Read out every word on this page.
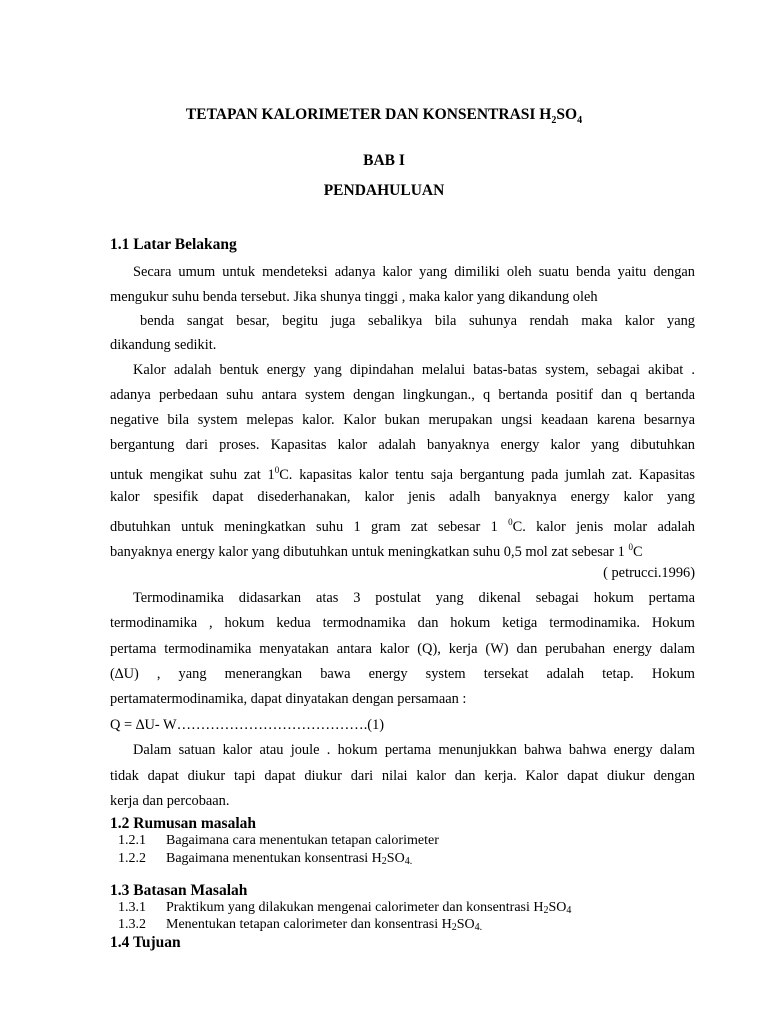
TETAPAN KALORIMETER DAN KONSENTRASI $H_2SO_4$
BAB I
PENDAHULUAN
1.1 Latar Belakang
Secara umum untuk mendeteksi adanya kalor yang dimiliki oleh suatu benda yaitu dengan
mengukur suhu benda tersebut. Jika shunya tinggi , maka kalor yang dikandung oleh
benda sangat besar, begitu juga sebalikya bila suhunya rendah maka kalor yang
dikandung sedikit.
Kalor adalah bentuk energy yang dipindahan melalui batas-batas system, sebagai akibat .
adanya perbedaan suhu antara system dengan lingkungan., q bertanda positif dan q bertanda
negative bila system melepas kalor. Kalor bukan merupakan ungsi keadaan karena besarnya
bergantung dari proses. Kapasitas kalor adalah banyaknya energy kalor yang dibutuhkan
untuk mengikat suhu zat $1^0C$. kapasitas kalor tentu saja bergantung pada jumlah zat. Kapasitas
kalor spesifik dapat disederhanakan, kalor jenis adalh banyaknya energy kalor yang
dbutuhkan untuk meningkatkan suhu 1 gram zat sebesar 1 $^0$C. kalor jenis molar adalah
banyaknya energy kalor yang dibutuhkan untuk meningkatkan suhu 0,5 mol zat sebesar 1 $^0$C
( petrucci.1996)
Termodinamika didasarkan atas 3 postulat yang dikenal sebagai hokum pertama
termodinamika , hokum kedua termodnamika dan hokum ketiga termodinamika. Hokum
pertama termodinamika menyatakan antara kalor (Q), kerja (W) dan perubahan energy dalam
(∆U) , yang menerangkan bawa energy system tersekat adalah tetap. Hokum
pertamatermodinamika, dapat dinyatakan dengan persamaan :
Q = ∆U- W………………………………….(1)
Dalam satuan kalor atau joule . hokum pertama menunjukkan bahwa bahwa energy dalam
tidak dapat diukur tapi dapat diukur dari nilai kalor dan kerja. Kalor dapat diukur dengan
kerja dan percobaan.
1.2 Rumusan masalah
1.2.1 Bagaimana cara menentukan tetapan calorimeter
1.2.2 Bagaimana menentukan konsentrasi H2SO4.
1.3 Batasan Masalah
1.3.1 Praktikum yang dilakukan mengenai calorimeter dan konsentrasi H2SO4
1.3.2 Menentukan tetapan calorimeter dan konsentrasi H2SO4.
1.4 Tujuan
